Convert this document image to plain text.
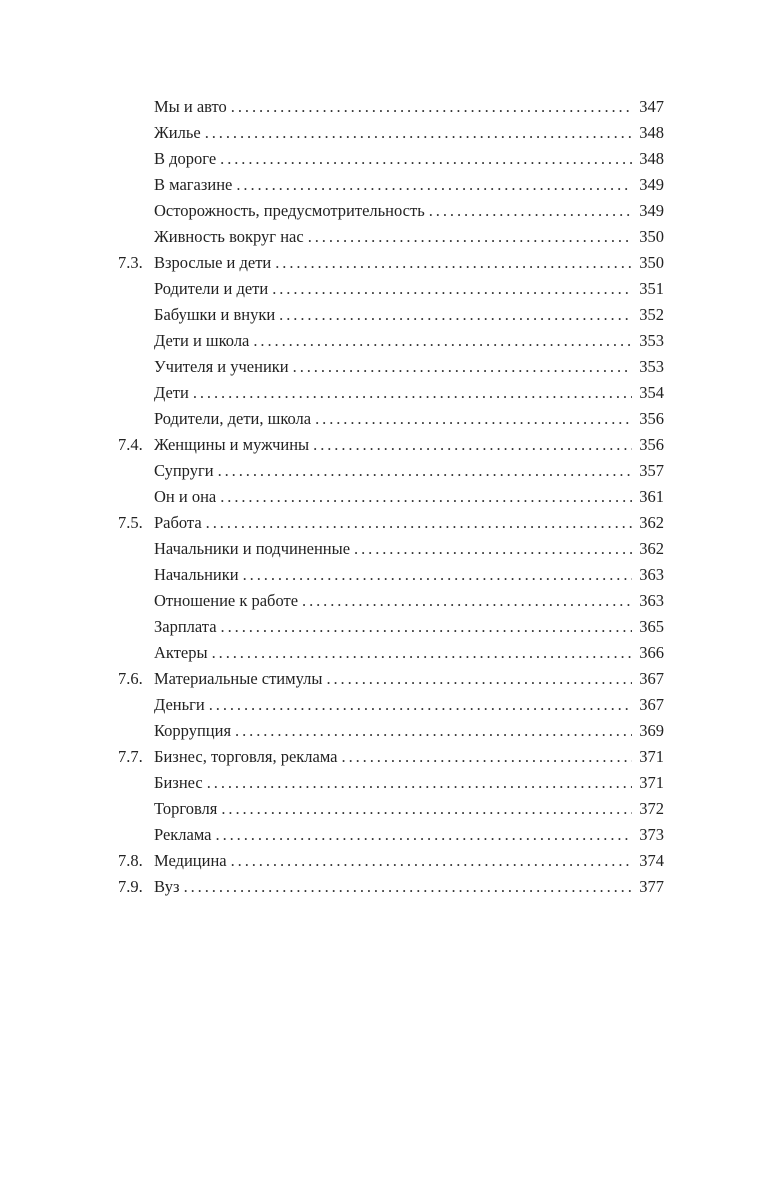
Мы и авто . . .	347
Жилье . . .	348
В дороге . . .	348
В магазине . . .	349
Осторожность, предусмотрительность . . .	349
Живность вокруг нас . . .	350
7.3. Взрослые и дети . . .	350
Родители и дети . . .	351
Бабушки и внуки . . .	352
Дети и школа . . .	353
Учителя и ученики . . .	353
Дети . . .	354
Родители, дети, школа . . .	356
7.4. Женщины и мужчины . . .	356
Супруги . . .	357
Он и она . . .	361
7.5. Работа . . .	362
Начальники и подчиненные . . .	362
Начальники . . .	363
Отношение к работе . . .	363
Зарплата . . .	365
Актеры . . .	366
7.6. Материальные стимулы . . .	367
Деньги . . .	367
Коррупция . . .	369
7.7. Бизнес, торговля, реклама . . .	371
Бизнес . . .	371
Торговля . . .	372
Реклама . . .	373
7.8. Медицина . . .	374
7.9. Вуз . . .	377
